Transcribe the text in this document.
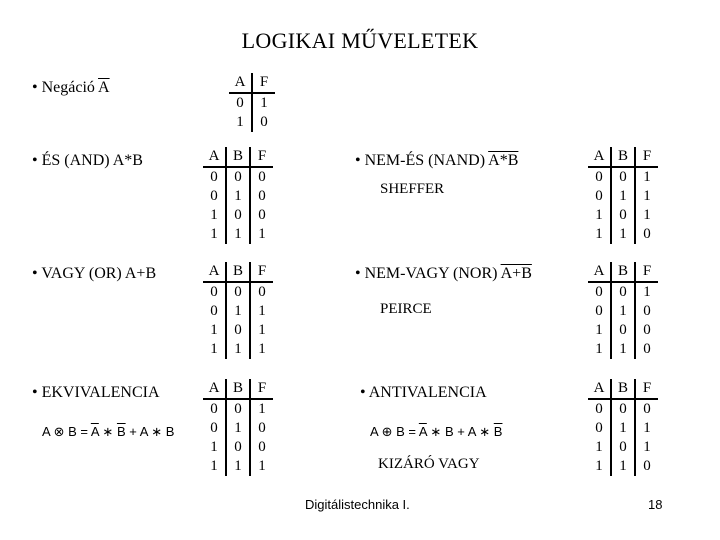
LOGIKAI MŰVELETEK
• Negáció $\overline{A}$	A	F
0	1
1	0
• ÉS (AND) A*B	A	B	F
0	0	0
0	1	0
1	0	0
1	1	1
• NEM-ÉS (NAND) A*B
SHEFFER
A	B	F
0	0	1
0	1	1
1	0	1
1	1	0
• VAGY (OR) A+B	A	B	F
0	0	0
0	1	1
1	0	1
1	1	1
• NEM-VAGY (NOR) A+B
PEIRCE
A	B	F
0	0	1
0	1	0
1	0	0
1	1	0
• EKVIVALENCIA
A ⊗ $B = \overline{A}$ ∗ $\overline{B} + A$ ∗ B
A	B	F
0	0	1
0	1	0
1	0	0
1	1	1
• ANTIVALENCIA
A ⊕ $B = \overline{A}$ ∗ B + A ∗ $\overline{B}$
KIZÁRÓ VAGY
A	B	F
0	0	0
0	1	1
1	0	1
1	1	0
Digitálistechnika I.	18
